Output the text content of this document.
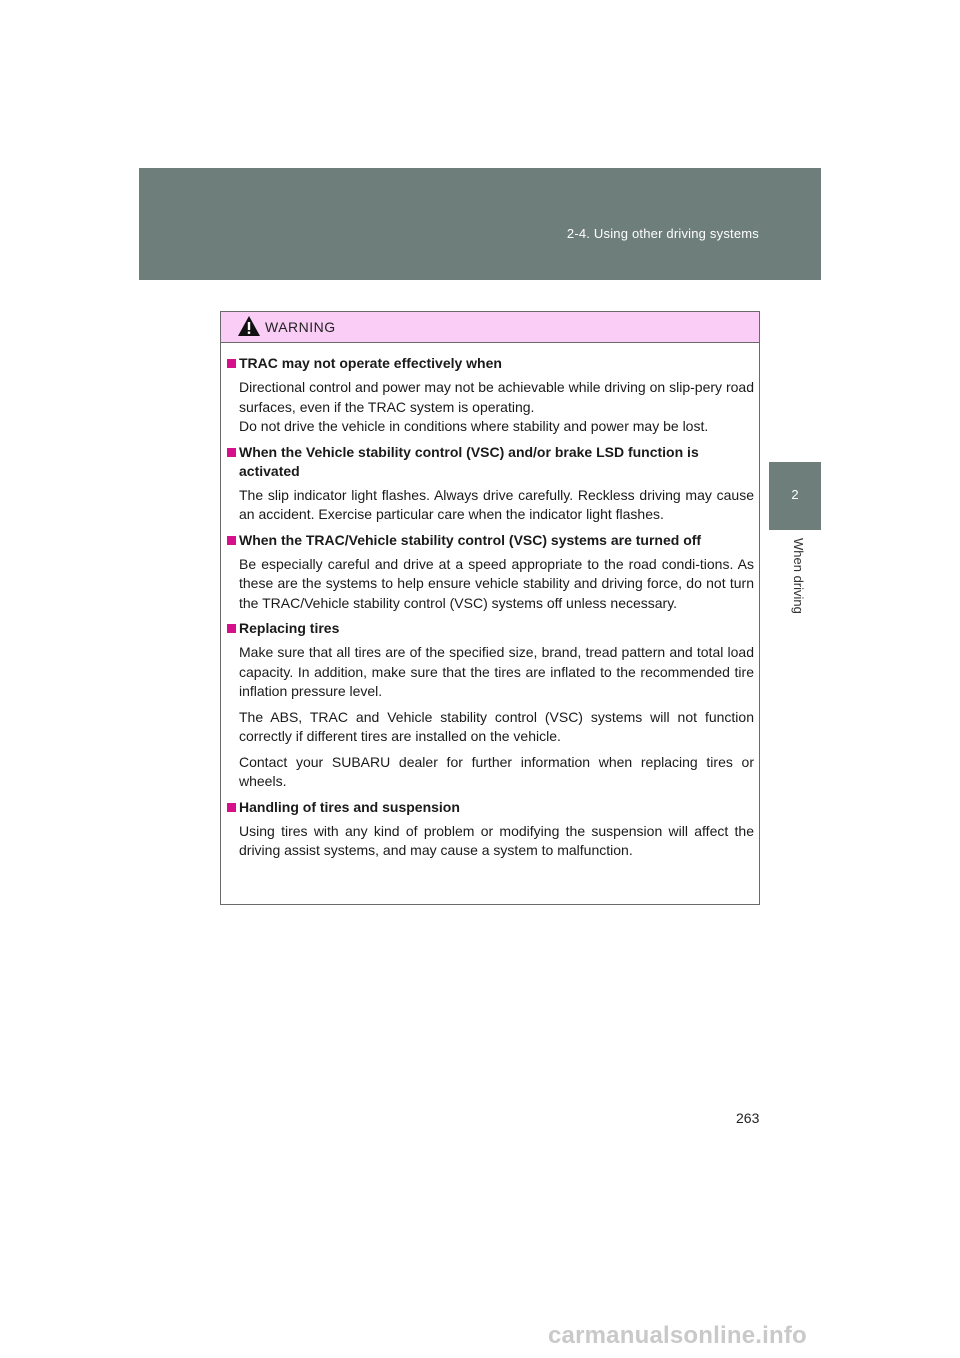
2-4. Using other driving systems
2
When driving
WARNING
TRAC may not operate effectively when
Directional control and power may not be achievable while driving on slip-pery road surfaces, even if the TRAC system is operating.
Do not drive the vehicle in conditions where stability and power may be lost.
When the Vehicle stability control (VSC) and/or brake LSD function is activated
The slip indicator light flashes. Always drive carefully. Reckless driving may cause an accident. Exercise particular care when the indicator light flashes.
When the TRAC/Vehicle stability control (VSC) systems are turned off
Be especially careful and drive at a speed appropriate to the road condi-tions. As these are the systems to help ensure vehicle stability and driving force, do not turn the TRAC/Vehicle stability control (VSC) systems off unless necessary.
Replacing tires
Make sure that all tires are of the specified size, brand, tread pattern and total load capacity. In addition, make sure that the tires are inflated to the recommended tire inflation pressure level.
The ABS, TRAC and Vehicle stability control (VSC) systems will not function correctly if different tires are installed on the vehicle.
Contact your SUBARU dealer for further information when replacing tires or wheels.
Handling of tires and suspension
Using tires with any kind of problem or modifying the suspension will affect the driving assist systems, and may cause a system to malfunction.
263
carmanualsonline.info
